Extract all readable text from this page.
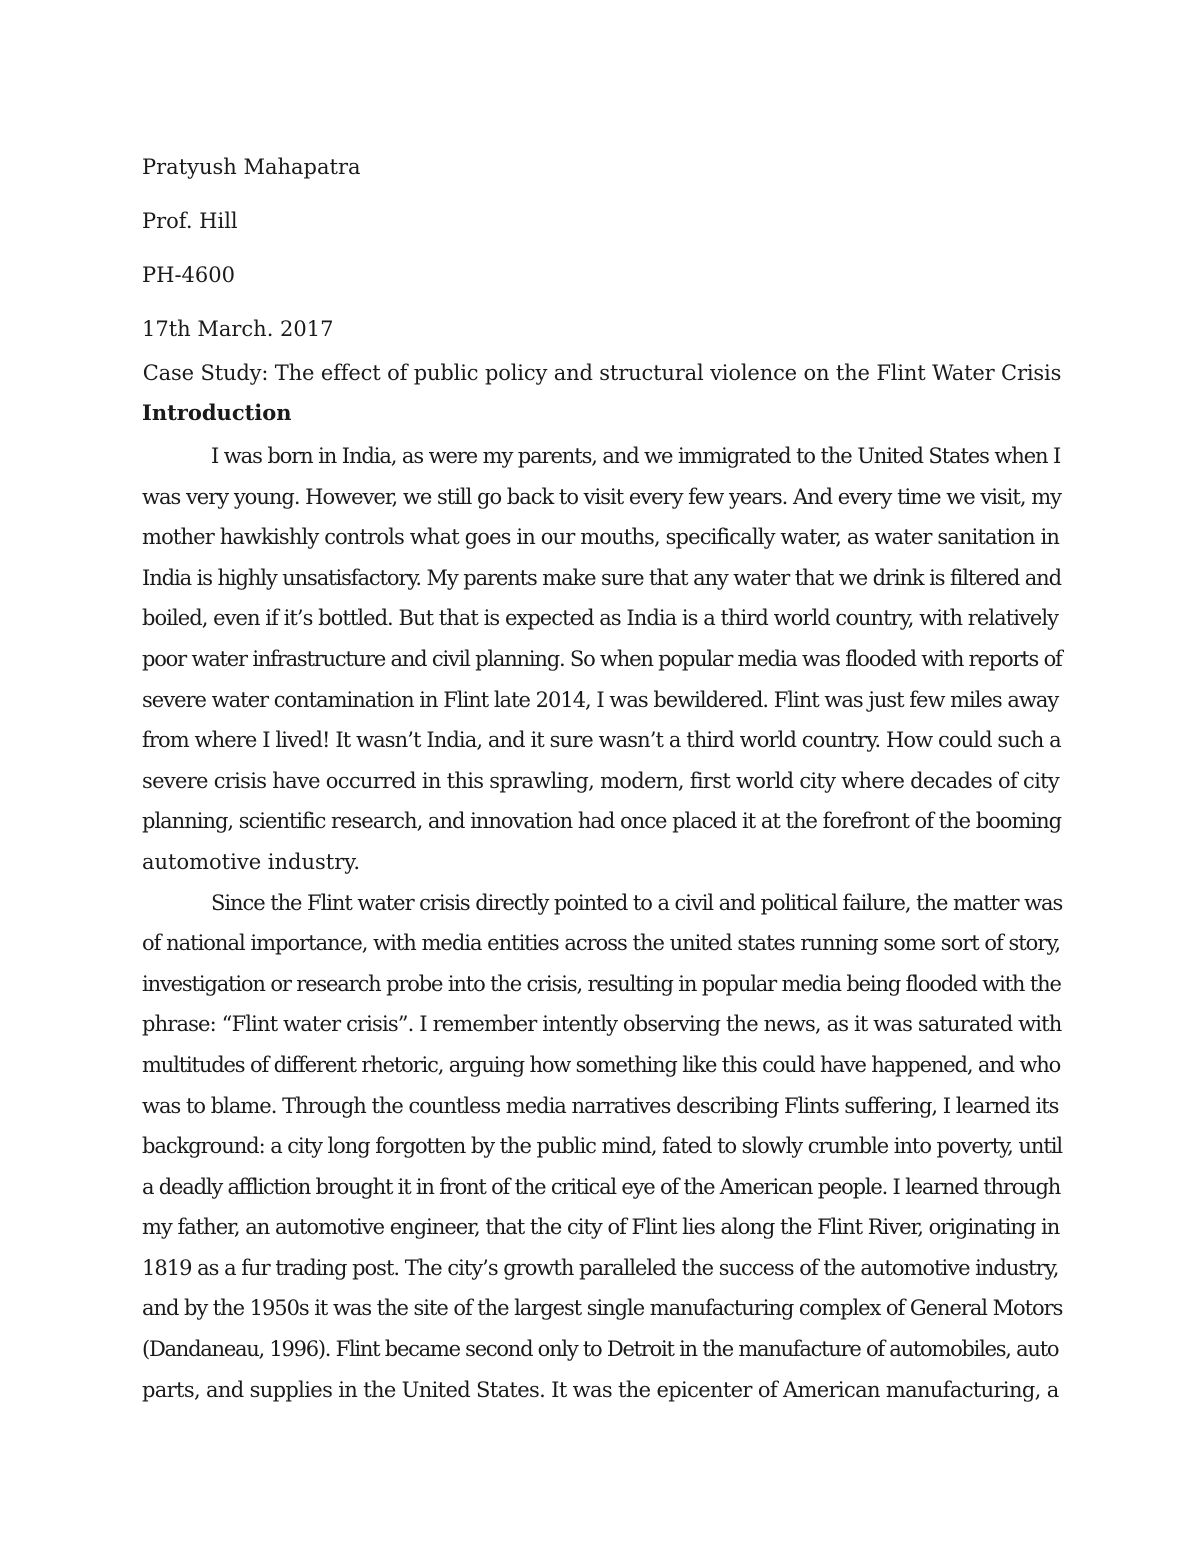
Pratyush Mahapatra
Prof. Hill
PH-4600
17th March. 2017
Case Study: The effect of public policy and structural violence on the Flint Water Crisis
Introduction
I was born in India, as were my parents, and we immigrated to the United States when I
was very young. However, we still go back to visit every few years. And every time we visit, my
mother hawkishly controls what goes in our mouths, specifically water, as water sanitation in
India is highly unsatisfactory. My parents make sure that any water that we drink is filtered and
boiled, even if it’s bottled. But that is expected as India is a third world country, with relatively
poor water infrastructure and civil planning. So when popular media was flooded with reports of
severe water contamination in Flint late 2014, I was bewildered. Flint was just few miles away
from where I lived! It wasn’t India, and it sure wasn’t a third world country. How could such a
severe crisis have occurred in this sprawling, modern, first world city where decades of city
planning, scientific research, and innovation had once placed it at the forefront of the booming
automotive industry.
Since the Flint water crisis directly pointed to a civil and political failure, the matter was
of national importance, with media entities across the united states running some sort of story,
investigation or research probe into the crisis, resulting in popular media being flooded with the
phrase: “Flint water crisis”. I remember intently observing the news, as it was saturated with
multitudes of different rhetoric, arguing how something like this could have happened, and who
was to blame. Through the countless media narratives describing Flints suffering, I learned its
background: a city long forgotten by the public mind, fated to slowly crumble into poverty, until
a deadly affliction brought it in front of the critical eye of the American people. I learned through
my father, an automotive engineer, that the city of Flint lies along the Flint River, originating in
1819 as a fur trading post. The city’s growth paralleled the success of the automotive industry,
and by the 1950s it was the site of the largest single manufacturing complex of General Motors
(Dandaneau, 1996). Flint became second only to Detroit in the manufacture of automobiles, auto
parts, and supplies in the United States. It was the epicenter of American manufacturing, a
